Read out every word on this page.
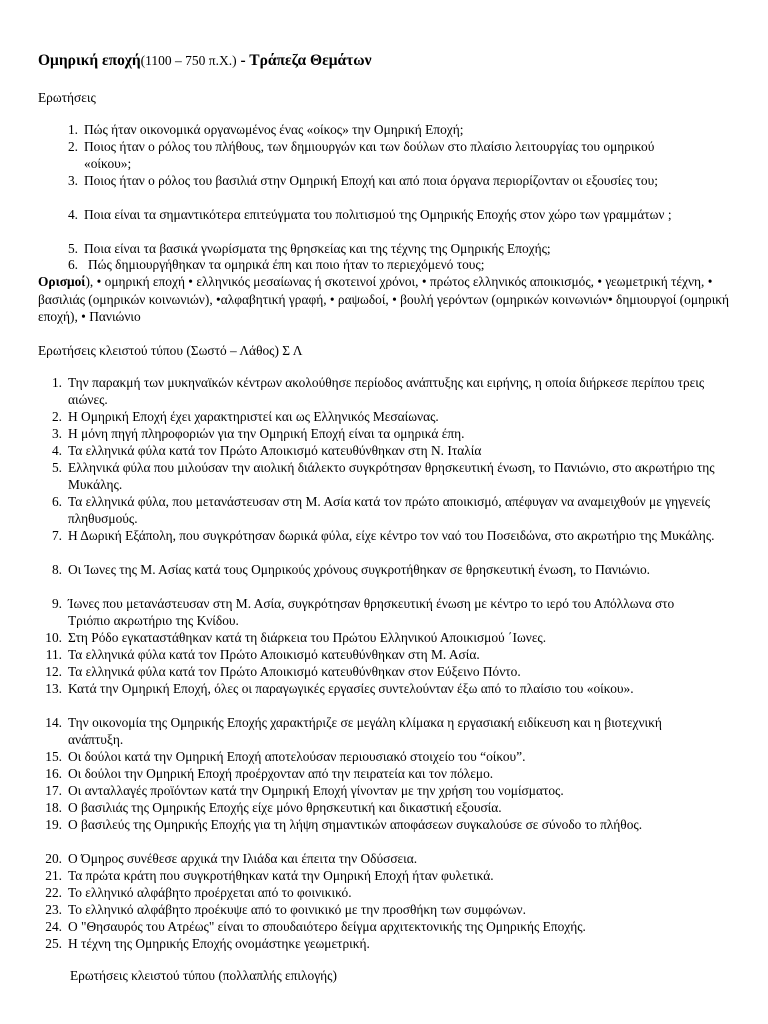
Ομηρική εποχή(1100 – 750 π.Χ.) - Τράπεζα Θεμάτων
Ερωτήσεις
1. Πώς ήταν οικονομικά οργανωμένος ένας «οίκος» την Ομηρική Εποχή;
2. Ποιος ήταν ο ρόλος του πλήθους, των δημιουργών και των δούλων στο πλαίσιο λειτουργίας του ομηρικού «οίκου»;
3. Ποιος ήταν ο ρόλος του βασιλιά στην Ομηρική Εποχή και από ποια όργανα περιορίζονταν οι εξουσίες του;
4. Ποια είναι τα σημαντικότερα επιτεύγματα του πολιτισμού της Ομηρικής Εποχής στον χώρο των γραμμάτων ;
5. Ποια είναι τα βασικά γνωρίσματα της θρησκείας και της τέχνης της Ομηρικής Εποχής;
6. Πώς δημιουργήθηκαν τα ομηρικά έπη και ποιο ήταν το περιεχόμενό τους;
Ορισμοί), • ομηρική εποχή • ελληνικός μεσαίωνας ή σκοτεινοί χρόνοι, • πρώτος ελληνικός αποικισμός, • γεωμετρική τέχνη, • βασιλιάς (ομηρικών κοινωνιών), •αλφαβητική γραφή, • ραψωδοί, • βουλή γερόντων (ομηρικών κοινωνιών• δημιουργοί (ομηρική εποχή), • Πανιώνιο
Ερωτήσεις κλειστού τύπου (Σωστό – Λάθος) Σ Λ
1. Την παρακμή των μυκηναϊκών κέντρων ακολούθησε περίοδος ανάπτυξης και ειρήνης, η οποία διήρκεσε περίπου τρεις αιώνες.
2. Η Ομηρική Εποχή έχει χαρακτηριστεί και ως Ελληνικός Μεσαίωνας.
3. Η μόνη πηγή πληροφοριών για την Ομηρική Εποχή είναι τα ομηρικά έπη.
4. Τα ελληνικά φύλα κατά τον Πρώτο Αποικισμό κατευθύνθηκαν στη Ν. Ιταλία
5. Ελληνικά φύλα που μιλούσαν την αιολική διάλεκτο συγκρότησαν θρησκευτική ένωση, το Πανιώνιο, στο ακρωτήριο της Μυκάλης.
6. Τα ελληνικά φύλα, που μετανάστευσαν στη Μ. Ασία κατά τον πρώτο αποικισμό, απέφυγαν να αναμειχθούν με γηγενείς πληθυσμούς.
7. Η Δωρική Εξάπολη, που συγκρότησαν δωρικά φύλα, είχε κέντρο τον ναό του Ποσειδώνα, στο ακρωτήριο της Μυκάλης.
8. Οι Ίωνες της Μ. Ασίας κατά τους Ομηρικούς χρόνους συγκροτήθηκαν σε θρησκευτική ένωση, το Πανιώνιο.
9. Ίωνες που μετανάστευσαν στη Μ. Ασία, συγκρότησαν θρησκευτική ένωση με κέντρο το ιερό του Απόλλωνα στο Τριόπιο ακρωτήριο της Κνίδου.
10. Στη Ρόδο εγκαταστάθηκαν κατά τη διάρκεια του Πρώτου Ελληνικού Αποικισμού ΄Ιωνες.
11. Τα ελληνικά φύλα κατά τον Πρώτο Αποικισμό κατευθύνθηκαν στη Μ. Ασία.
12. Τα ελληνικά φύλα κατά τον Πρώτο Αποικισμό κατευθύνθηκαν στον Εύξεινο Πόντο.
13. Κατά την Ομηρική Εποχή, όλες οι παραγωγικές εργασίες συντελούνταν έξω από το πλαίσιο του «οίκου».
14. Την οικονομία της Ομηρικής Εποχής χαρακτήριζε σε μεγάλη κλίμακα η εργασιακή ειδίκευση και η βιοτεχνική ανάπτυξη.
15. Οι δούλοι κατά την Ομηρική Εποχή αποτελούσαν περιουσιακό στοιχείο του “οίκου”.
16. Οι δούλοι την Ομηρική Εποχή προέρχονταν από την πειρατεία και τον πόλεμο.
17. Οι ανταλλαγές προϊόντων κατά την Ομηρική Εποχή γίνονταν με την χρήση του νομίσματος.
18. Ο βασιλιάς της Ομηρικής Εποχής είχε μόνο θρησκευτική και δικαστική εξουσία.
19. Ο βασιλεύς της Ομηρικής Εποχής για τη λήψη σημαντικών αποφάσεων συγκαλούσε σε σύνοδο το πλήθος.
20. Ο Όμηρος συνέθεσε αρχικά την Ιλιάδα και έπειτα την Οδύσσεια.
21. Τα πρώτα κράτη που συγκροτήθηκαν κατά την Ομηρική Εποχή ήταν φυλετικά.
22. Το ελληνικό αλφάβητο προέρχεται από το φοινικικό.
23. Το ελληνικό αλφάβητο προέκυψε από το φοινικικό με την προσθήκη των συμφώνων.
24. Ο "Θησαυρός του Ατρέως" είναι το σπουδαιότερο δείγμα αρχιτεκτονικής της Ομηρικής Εποχής.
25. Η τέχνη της Ομηρικής Εποχής ονομάστηκε γεωμετρική.
Ερωτήσεις κλειστού τύπου (πολλαπλής επιλογής)
